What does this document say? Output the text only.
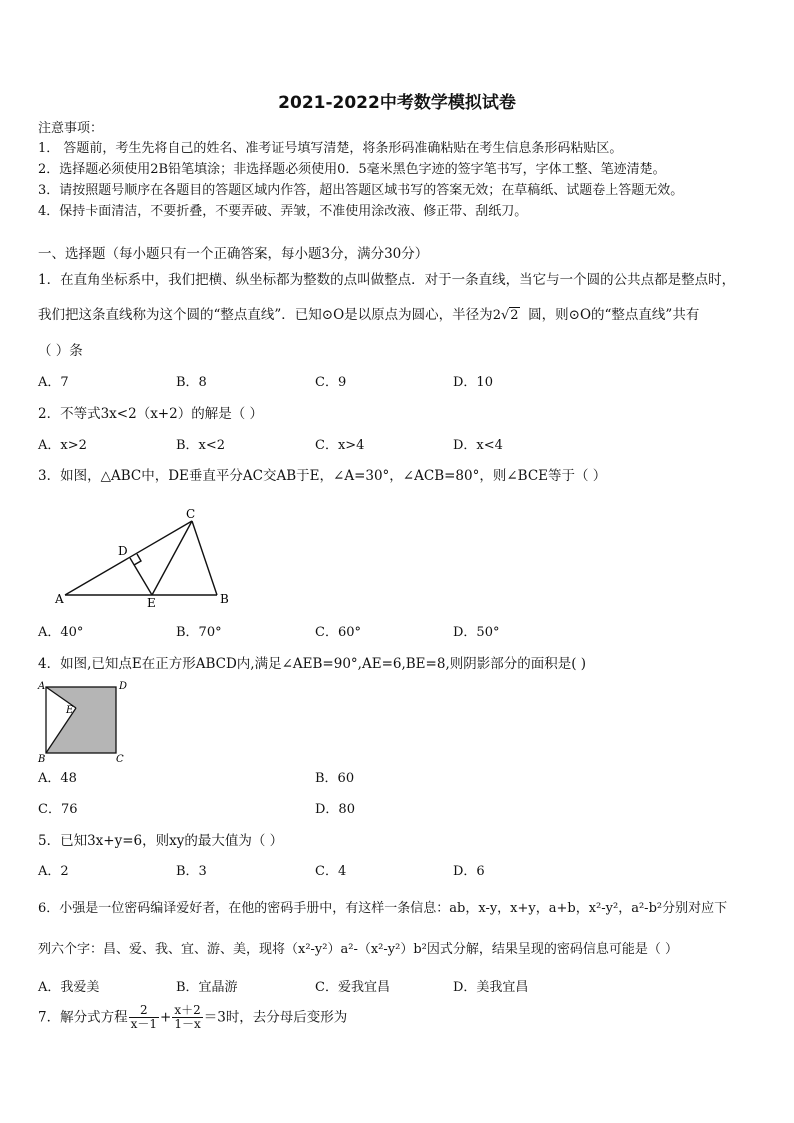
2021-2022中考数学模拟试卷
注意事项：
1． 答题前，考生先将自己的姓名、准考证号填写清楚，将条形码准确粘贴在考生信息条形码粘贴区。
2．选择题必须使用2B铅笔填涂；非选择题必须使用0．5毫米黑色字迹的签字笔书写，字体工整、笔迹清楚。
3．请按照题号顺序在各题目的答题区域内作答，超出答题区域书写的答案无效；在草稿纸、试题卷上答题无效。
4．保持卡面清洁，不要折叠，不要弄破、弄皱，不准使用涂改液、修正带、刮纸刀。
一、选择题（每小题只有一个正确答案，每小题3分，满分30分）
1．在直角坐标系中，我们把横、纵坐标都为整数的点叫做整点．对于一条直线，当它与一个圆的公共点都是整点时，
我们把这条直线称为这个圆的“整点直线”．已知⊙O是以原点为圆心，半径为2√2 圆，则⊙O的“整点直线”共有
（ ）条
A．7	B．8	C．9	D．10
2．不等式3x<2（x+2）的解是（ ）
A．x>2	B．x<2	C．x>4	D．x<4
3．如图，△ABC中，DE垂直平分AC交AB于E，∠A=30°，∠ACB=80°，则∠BCE等于（ ）
A	B
C
D
E
A．40°	B．70°	C．60°	D．50°
4．如图,已知点E在正方形ABCD内,满足∠AEB=90°,AE=6,BE=8,则阴影部分的面积是( )
A	D
B	C
E
A．48	B．60
C．76	D．80
5．已知3x+y=6，则xy的最大值为（ ）
A．2	B．3	C．4	D．6
6．小强是一位密码编译爱好者，在他的密码手册中，有这样一条信息：ab，x-y，x+y，a+b，x²-y²，a²-b²分别对应下
列六个字：昌、爱、我、宜、游、美，现将（x²-y²）a²-（x²-y²）b²因式分解，结果呈现的密码信息可能是（ ）
A．我爱美	B．宜晶游	C．爱我宜昌	D．美我宜昌
7．解分式方程 $\frac{2}{x-1} + \frac{x+2}{1-x} =3$时，去分母后变形为
